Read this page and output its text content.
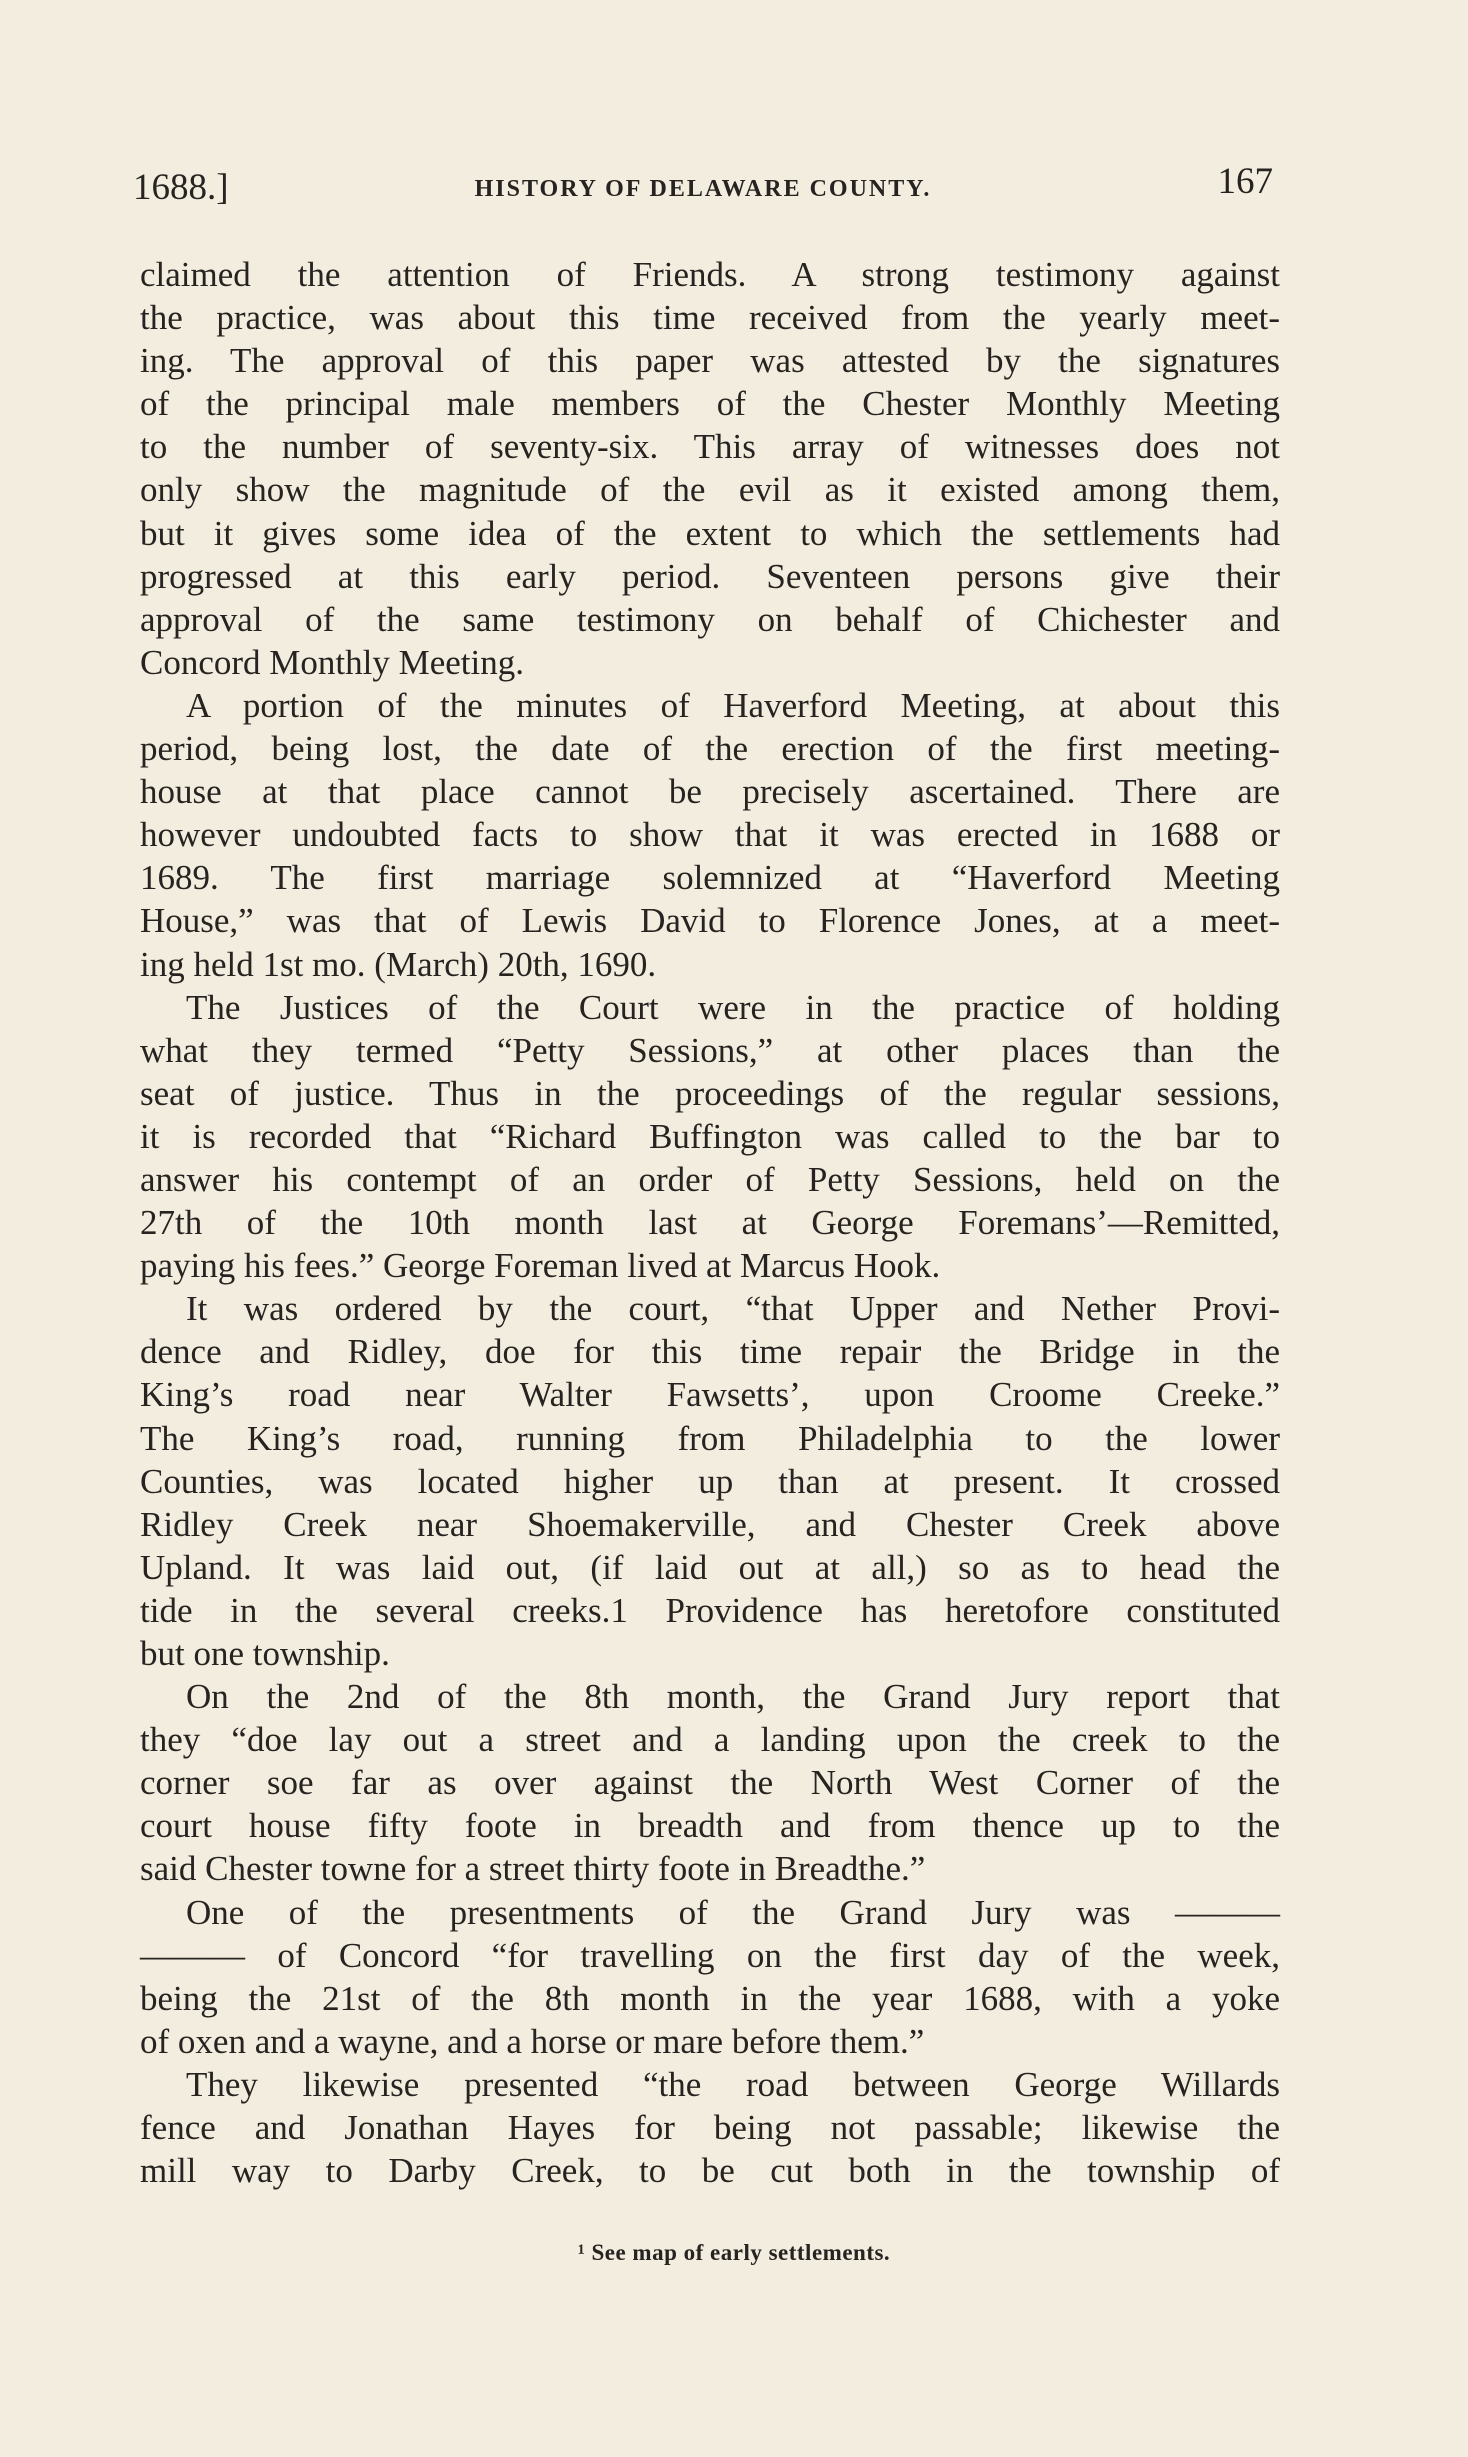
1688.]	HISTORY OF DELAWARE COUNTY.	167
claimed the attention of Friends. A strong testimony against
the practice, was about this time received from the yearly meet-
ing. The approval of this paper was attested by the signatures
of the principal male members of the Chester Monthly Meeting
to the number of seventy-six. This array of witnesses does not
only show the magnitude of the evil as it existed among them,
but it gives some idea of the extent to which the settlements had
progressed at this early period. Seventeen persons give their
approval of the same testimony on behalf of Chichester and
Concord Monthly Meeting.
A portion of the minutes of Haverford Meeting, at about this
period, being lost, the date of the erection of the first meeting-
house at that place cannot be precisely ascertained. There are
however undoubted facts to show that it was erected in 1688 or
1689. The first marriage solemnized at “Haverford Meeting
House,” was that of Lewis David to Florence Jones, at a meet-
ing held 1st mo. (March) 20th, 1690.
The Justices of the Court were in the practice of holding
what they termed “Petty Sessions,” at other places than the
seat of justice. Thus in the proceedings of the regular sessions,
it is recorded that “Richard Buffington was called to the bar to
answer his contempt of an order of Petty Sessions, held on the
27th of the 10th month last at George Foremans’—Remitted,
paying his fees.” George Foreman lived at Marcus Hook.
It was ordered by the court, “that Upper and Nether Provi-
dence and Ridley, doe for this time repair the Bridge in the
King’s road near Walter Fawsetts’, upon Croome Creeke.”
The King’s road, running from Philadelphia to the lower
Counties, was located higher up than at present. It crossed
Ridley Creek near Shoemakerville, and Chester Creek above
Upland. It was laid out, (if laid out at all,) so as to head the
tide in the several creeks.1 Providence has heretofore constituted
but one township.
On the 2nd of the 8th month, the Grand Jury report that
they “doe lay out a street and a landing upon the creek to the
corner soe far as over against the North West Corner of the
court house fifty foote in breadth and from thence up to the
said Chester towne for a street thirty foote in Breadthe.”
One of the presentments of the Grand Jury was ———
——— of Concord “for travelling on the first day of the week,
being the 21st of the 8th month in the year 1688, with a yoke
of oxen and a wayne, and a horse or mare before them.”
They likewise presented “the road between George Willards
fence and Jonathan Hayes for being not passable; likewise the
mill way to Darby Creek, to be cut both in the township of
¹ See map of early settlements.
